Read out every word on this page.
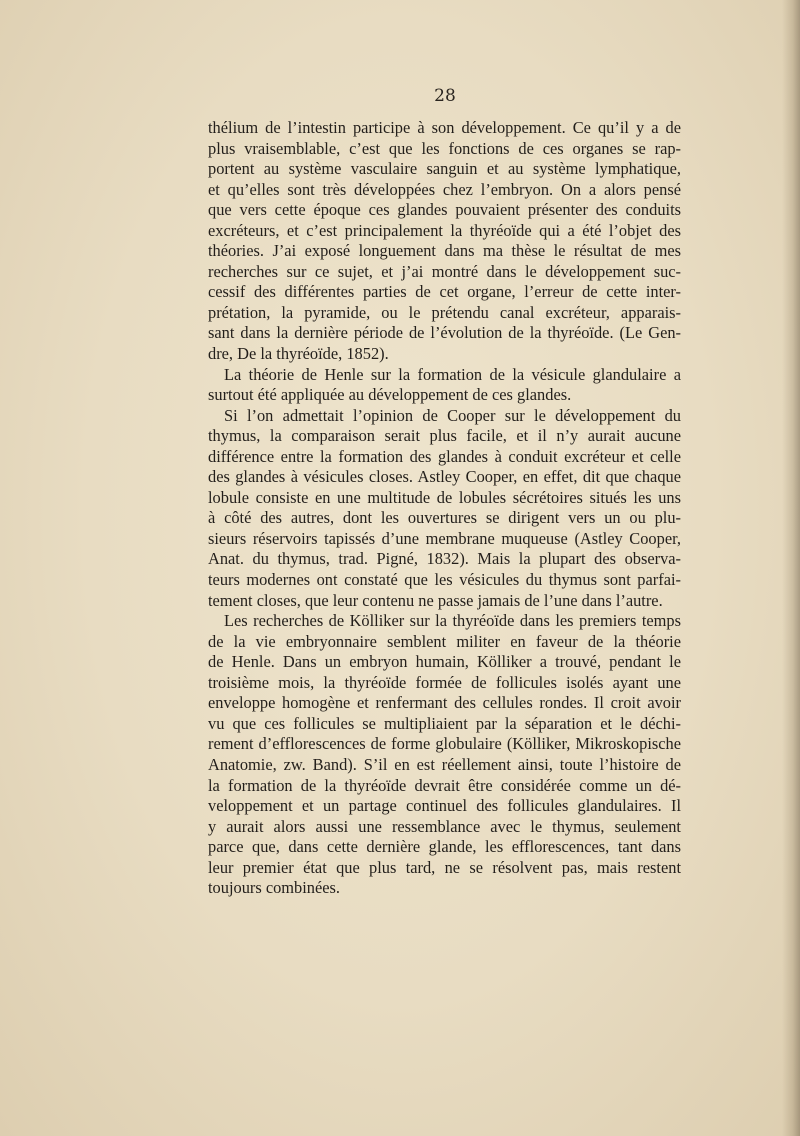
28
thélium de l’intestin participe à son développement. Ce qu’il y a de
plus vraisemblable, c’est que les fonctions de ces organes se rap-
portent au système vasculaire sanguin et au système lymphatique,
et qu’elles sont très développées chez l’embryon. On a alors pensé
que vers cette époque ces glandes pouvaient présenter des conduits
excréteurs, et c’est principalement la thyréoïde qui a été l’objet des
théories. J’ai exposé longuement dans ma thèse le résultat de mes
recherches sur ce sujet, et j’ai montré dans le développement suc-
cessif des différentes parties de cet organe, l’erreur de cette inter-
prétation, la pyramide, ou le prétendu canal excréteur, apparais-
sant dans la dernière période de l’évolution de la thyréoïde. (Le Gen-
dre, De la thyréoïde, 1852).
La théorie de Henle sur la formation de la vésicule glandulaire a
surtout été appliquée au développement de ces glandes.
Si l’on admettait l’opinion de Cooper sur le développement du
thymus, la comparaison serait plus facile, et il n’y aurait aucune
différence entre la formation des glandes à conduit excréteur et celle
des glandes à vésicules closes. Astley Cooper, en effet, dit que chaque
lobule consiste en une multitude de lobules sécrétoires situés les uns
à côté des autres, dont les ouvertures se dirigent vers un ou plu-
sieurs réservoirs tapissés d’une membrane muqueuse (Astley Cooper,
Anat. du thymus, trad. Pigné, 1832). Mais la plupart des observa-
teurs modernes ont constaté que les vésicules du thymus sont parfai-
tement closes, que leur contenu ne passe jamais de l’une dans l’autre.
Les recherches de Kölliker sur la thyréoïde dans les premiers temps
de la vie embryonnaire semblent militer en faveur de la théorie
de Henle. Dans un embryon humain, Kölliker a trouvé, pendant le
troisième mois, la thyréoïde formée de follicules isolés ayant une
enveloppe homogène et renfermant des cellules rondes. Il croit avoir
vu que ces follicules se multipliaient par la séparation et le déchi-
rement d’efflorescences de forme globulaire (Kölliker, Mikroskopische
Anatomie, zw. Band). S’il en est réellement ainsi, toute l’histoire de
la formation de la thyréoïde devrait être considérée comme un dé-
veloppement et un partage continuel des follicules glandulaires. Il
y aurait alors aussi une ressemblance avec le thymus, seulement
parce que, dans cette dernière glande, les efflorescences, tant dans
leur premier état que plus tard, ne se résolvent pas, mais restent
toujours combinées.
